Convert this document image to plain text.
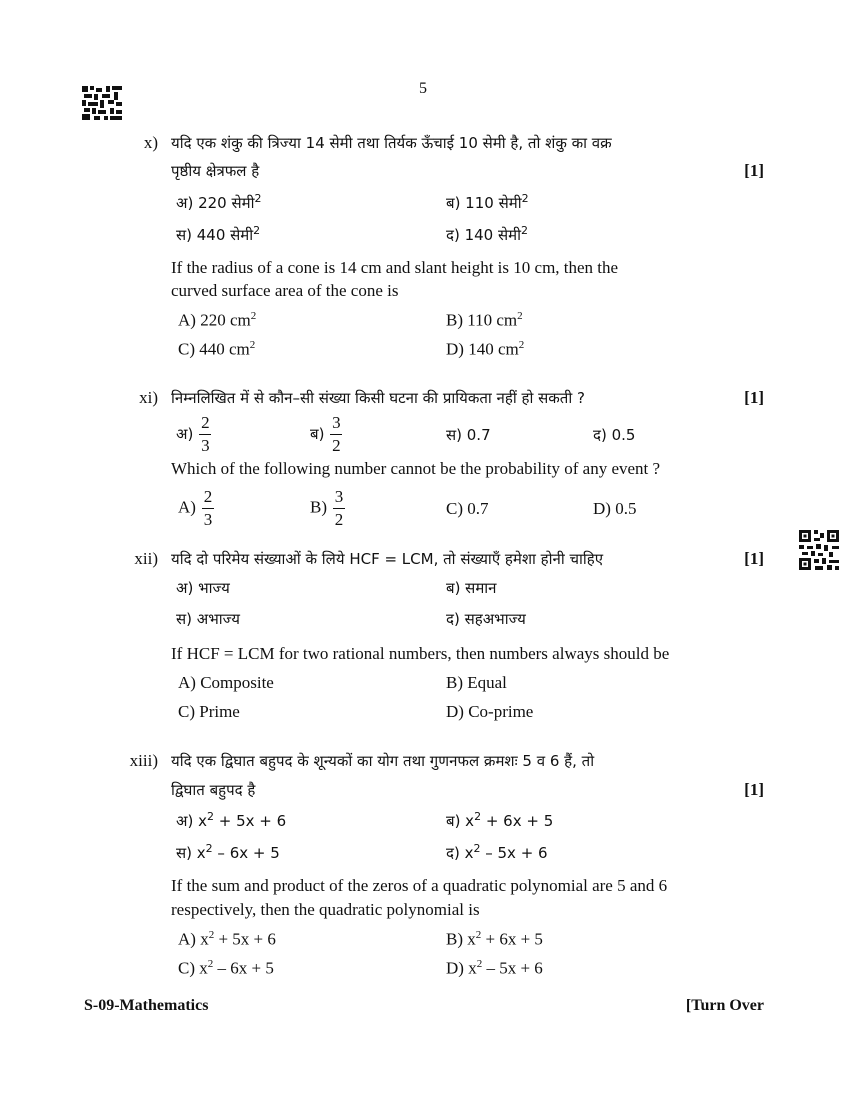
5
x) यदि एक शंकु की त्रिज्या 14 सेमी तथा तिर्यक ऊँचाई 10 सेमी है, तो शंकु का वक्र
पृष्ठीय क्षेत्रफल है	[1]
अ) 220 सेमी$^2$	ब) 110 सेमी$^2$
स) 440 सेमी$^2$	द) 140 सेमी$^2$
If the radius of a cone is 14 cm and slant height is 10 cm, then the
curved surface area of the cone is
A) 220 $cm^2$	B) 110 $cm^2$
C) 440 $cm^2$	D) 140 $cm^2$
xi) निम्नलिखित में से कौन–सी संख्या किसी घटना की प्रायिकता नहीं हो सकती ?	[1]
अ) $\frac{2}{3}$	ब) $\frac{3}{2}$	स) 0.7	द) 0.5
Which of the following number cannot be the probability of any event ?
$A) \frac{2}{3}$	$B) \frac{3}{2}$	C) 0.7	D) 0.5
xii) यदि दो परिमेय संख्याओं के लिये HCF = LCM, तो संख्याएँ हमेशा होनी चाहिए	[1]
अ) भाज्य	ब) समान
स) अभाज्य	द) सहअभाज्य
If HCF = LCM for two rational numbers, then numbers always should be
A) Composite	B) Equal
C) Prime	D) Co-prime
xiii) यदि एक द्विघात बहुपद के शून्यकों का योग तथा गुणनफल क्रमशः 5 व 6 हैं, तो
द्विघात बहुपद है	[1]
अ) $x^2 + 5x + 6$	ब) $x^2 + 6x + 5$
स) $x^2 - 6x + 5$	द) $x^2 - 5x + 6$
If the sum and product of the zeros of a quadratic polynomial are 5 and 6
respectively, then the quadratic polynomial is
A) $x^2 + 5x + 6$	B) $x^2 + 6x + 5$
C) $x^2 - 6x + 5$	D) $x^2 - 5x + 6$
S-09-Mathematics	[Turn Over
